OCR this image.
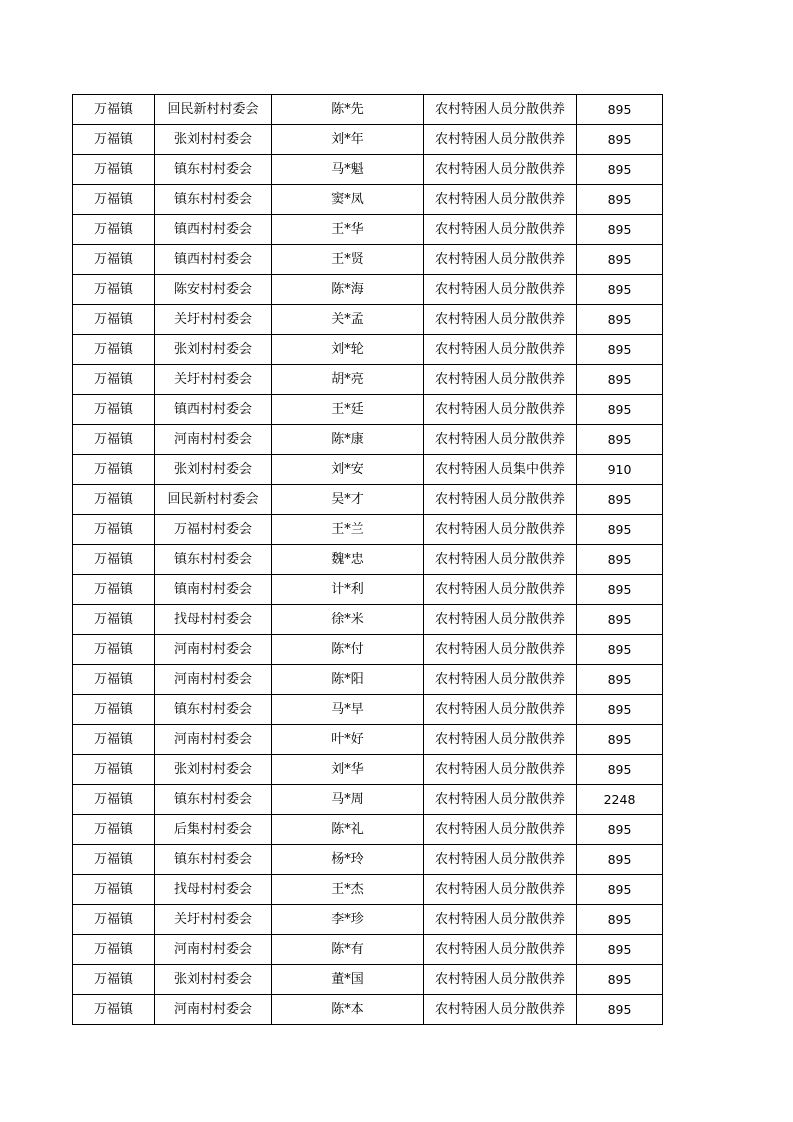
万福镇	回民新村村委会	陈*先	农村特困人员分散供养	895
万福镇	张刘村村委会	刘*年	农村特困人员分散供养	895
万福镇	镇东村村委会	马*魁	农村特困人员分散供养	895
万福镇	镇东村村委会	窦*凤	农村特困人员分散供养	895
万福镇	镇西村村委会	王*华	农村特困人员分散供养	895
万福镇	镇西村村委会	王*贤	农村特困人员分散供养	895
万福镇	陈安村村委会	陈*海	农村特困人员分散供养	895
万福镇	关圩村村委会	关*孟	农村特困人员分散供养	895
万福镇	张刘村村委会	刘*轮	农村特困人员分散供养	895
万福镇	关圩村村委会	胡*亮	农村特困人员分散供养	895
万福镇	镇西村村委会	王*廷	农村特困人员分散供养	895
万福镇	河南村村委会	陈*康	农村特困人员分散供养	895
万福镇	张刘村村委会	刘*安	农村特困人员集中供养	910
万福镇	回民新村村委会	吴*才	农村特困人员分散供养	895
万福镇	万福村村委会	王*兰	农村特困人员分散供养	895
万福镇	镇东村村委会	魏*忠	农村特困人员分散供养	895
万福镇	镇南村村委会	计*利	农村特困人员分散供养	895
万福镇	找母村村委会	徐*米	农村特困人员分散供养	895
万福镇	河南村村委会	陈*付	农村特困人员分散供养	895
万福镇	河南村村委会	陈*阳	农村特困人员分散供养	895
万福镇	镇东村村委会	马*早	农村特困人员分散供养	895
万福镇	河南村村委会	叶*好	农村特困人员分散供养	895
万福镇	张刘村村委会	刘*华	农村特困人员分散供养	895
万福镇	镇东村村委会	马*周	农村特困人员分散供养	2248
万福镇	后集村村委会	陈*礼	农村特困人员分散供养	895
万福镇	镇东村村委会	杨*玲	农村特困人员分散供养	895
万福镇	找母村村委会	王*杰	农村特困人员分散供养	895
万福镇	关圩村村委会	李*珍	农村特困人员分散供养	895
万福镇	河南村村委会	陈*有	农村特困人员分散供养	895
万福镇	张刘村村委会	董*国	农村特困人员分散供养	895
万福镇	河南村村委会	陈*本	农村特困人员分散供养	895
